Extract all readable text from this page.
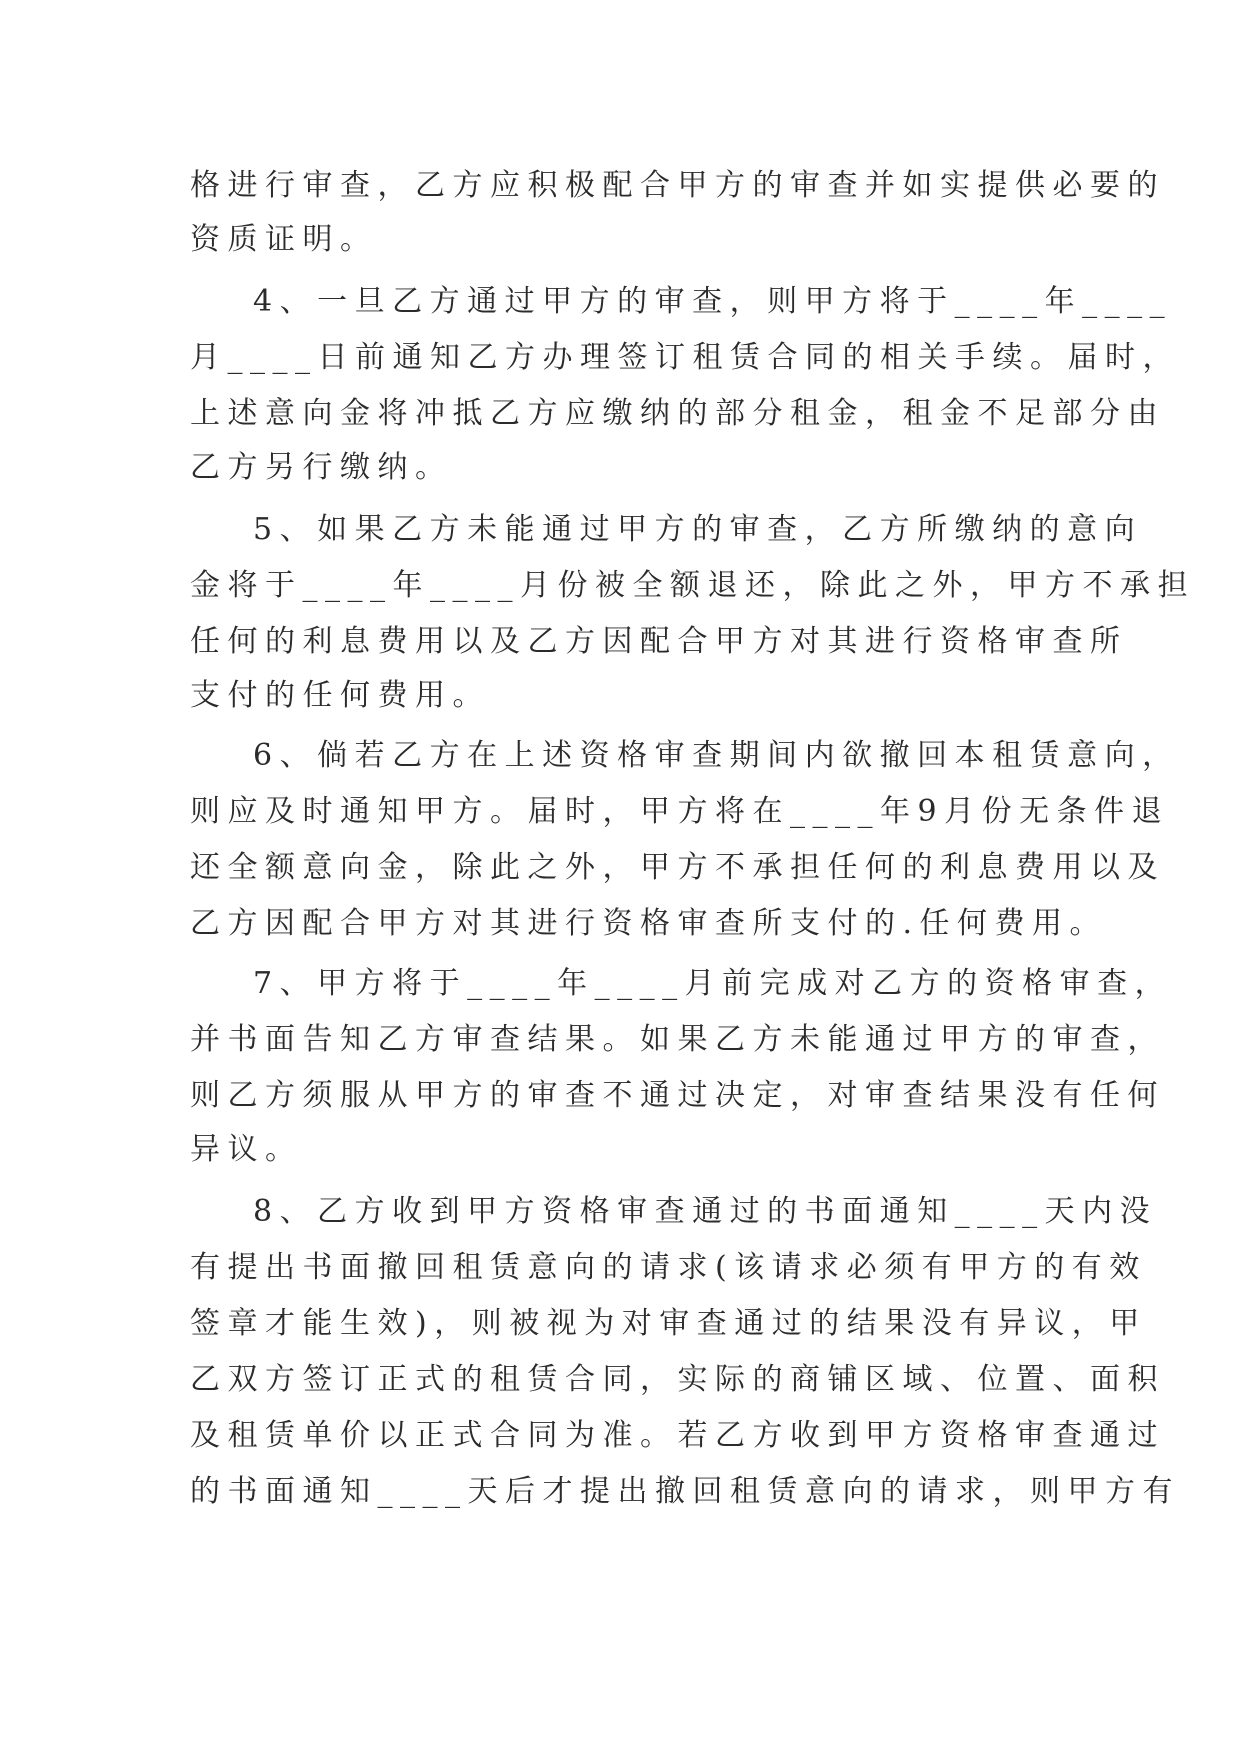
格进行审查，乙方应积极配合甲方的审查并如实提供必要的
资质证明。
4、一旦乙方通过甲方的审查，则甲方将于____年____
月____日前通知乙方办理签订租赁合同的相关手续。届时，
上述意向金将冲抵乙方应缴纳的部分租金，租金不足部分由
乙方另行缴纳。
5、如果乙方未能通过甲方的审查，乙方所缴纳的意向
金将于____年____月份被全额退还，除此之外，甲方不承担
任何的利息费用以及乙方因配合甲方对其进行资格审查所
支付的任何费用。
6、倘若乙方在上述资格审查期间内欲撤回本租赁意向，
则应及时通知甲方。届时，甲方将在____年9月份无条件退
还全额意向金，除此之外，甲方不承担任何的利息费用以及
乙方因配合甲方对其进行资格审查所支付的.任何费用。
7、甲方将于____年____月前完成对乙方的资格审查，
并书面告知乙方审查结果。如果乙方未能通过甲方的审查，
则乙方须服从甲方的审查不通过决定，对审查结果没有任何
异议。
8、乙方收到甲方资格审查通过的书面通知____天内没
有提出书面撤回租赁意向的请求(该请求必须有甲方的有效
签章才能生效)，则被视为对审查通过的结果没有异议，甲
乙双方签订正式的租赁合同，实际的商铺区域、位置、面积
及租赁单价以正式合同为准。若乙方收到甲方资格审查通过
的书面通知____天后才提出撤回租赁意向的请求，则甲方有
